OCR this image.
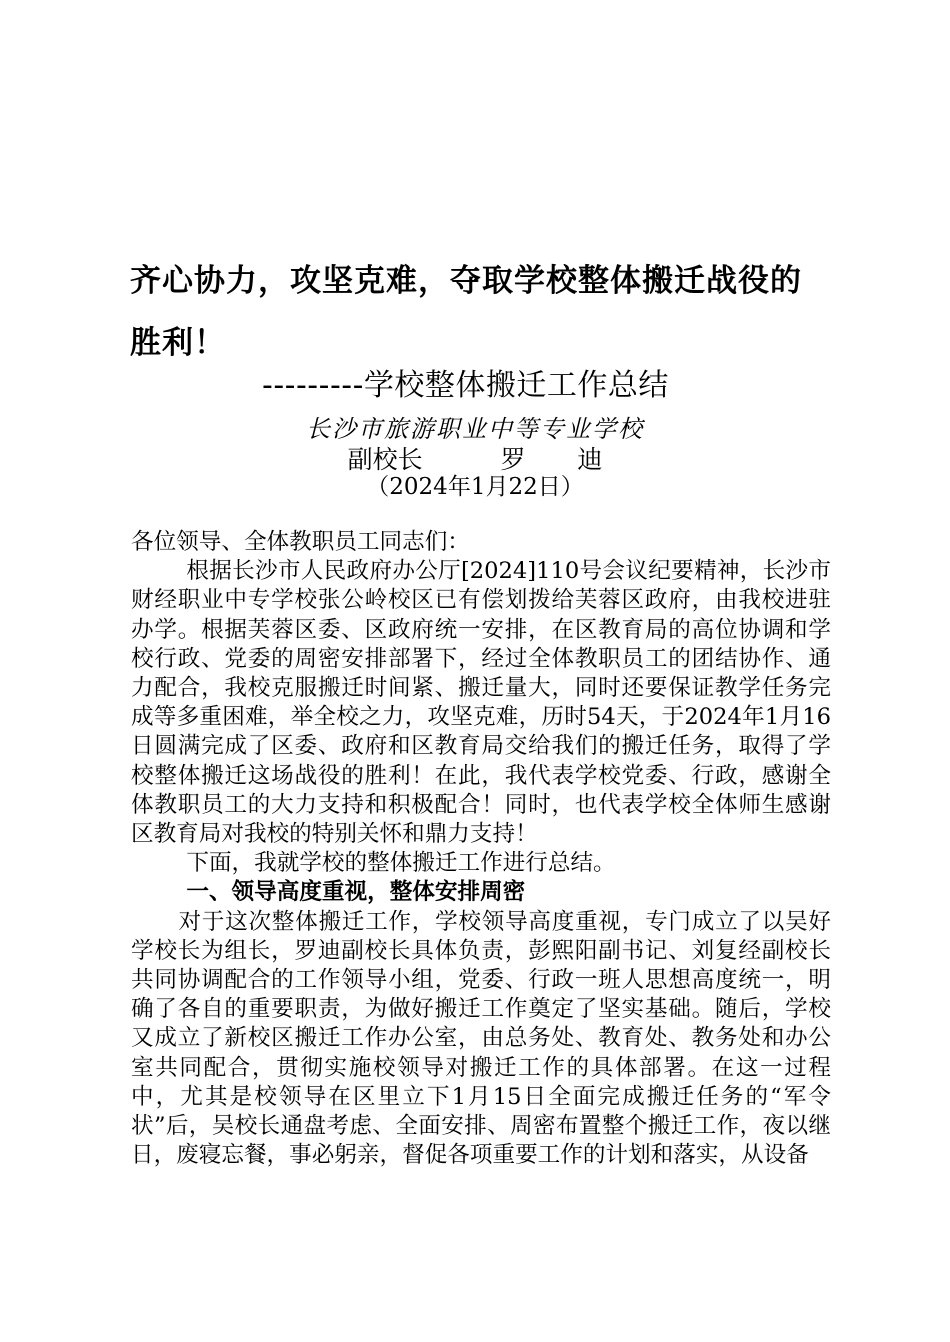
齐心协力，攻坚克难，夺取学校整体搬迁战役的胜利！
---------学校整体搬迁工作总结
长沙市旅游职业中等专业学校
副校长   罗  迪
（2024年1月22日）

各位领导、全体教职员工同志们：

根据长沙市人民政府办公厅[2024]110号会议纪要精神，长沙市财经职业中专学校张公岭校区已有偿划拨给芙蓉区政府，由我校进驻办学。根据芙蓉区委、区政府统一安排，在区教育局的高位协调和学校行政、党委的周密安排部署下，经过全体教职员工的团结协作、通力配合，我校克服搬迁时间紧、搬迁量大，同时还要保证教学任务完成等多重困难，举全校之力，攻坚克难，历时54天，于2024年1月16日圆满完成了区委、政府和区教育局交给我们的搬迁任务，取得了学校整体搬迁这场战役的胜利！在此，我代表学校党委、行政，感谢全体教职员工的大力支持和积极配合！同时，也代表学校全体师生感谢区教育局对我校的特别关怀和鼎力支持！

下面，我就学校的整体搬迁工作进行总结。

一、领导高度重视，整体安排周密

对于这次整体搬迁工作，学校领导高度重视，专门成立了以吴好学校长为组长，罗迪副校长具体负责，彭熙阳副书记、刘复经副校长共同协调配合的工作领导小组，党委、行政一班人思想高度统一，明确了各自的重要职责，为做好搬迁工作奠定了坚实基础。随后，学校又成立了新校区搬迁工作办公室，由总务处、教育处、教务处和办公室共同配合，贯彻实施校领导对搬迁工作的具体部署。在这一过程中，尤其是校领导在区里立下1月15日全面完成搬迁任务的“军令状”后，吴校长通盘考虑、全面安排、周密布置整个搬迁工作，夜以继日，废寝忘餐，事必躬亲，督促各项重要工作的计划和落实，从设备
